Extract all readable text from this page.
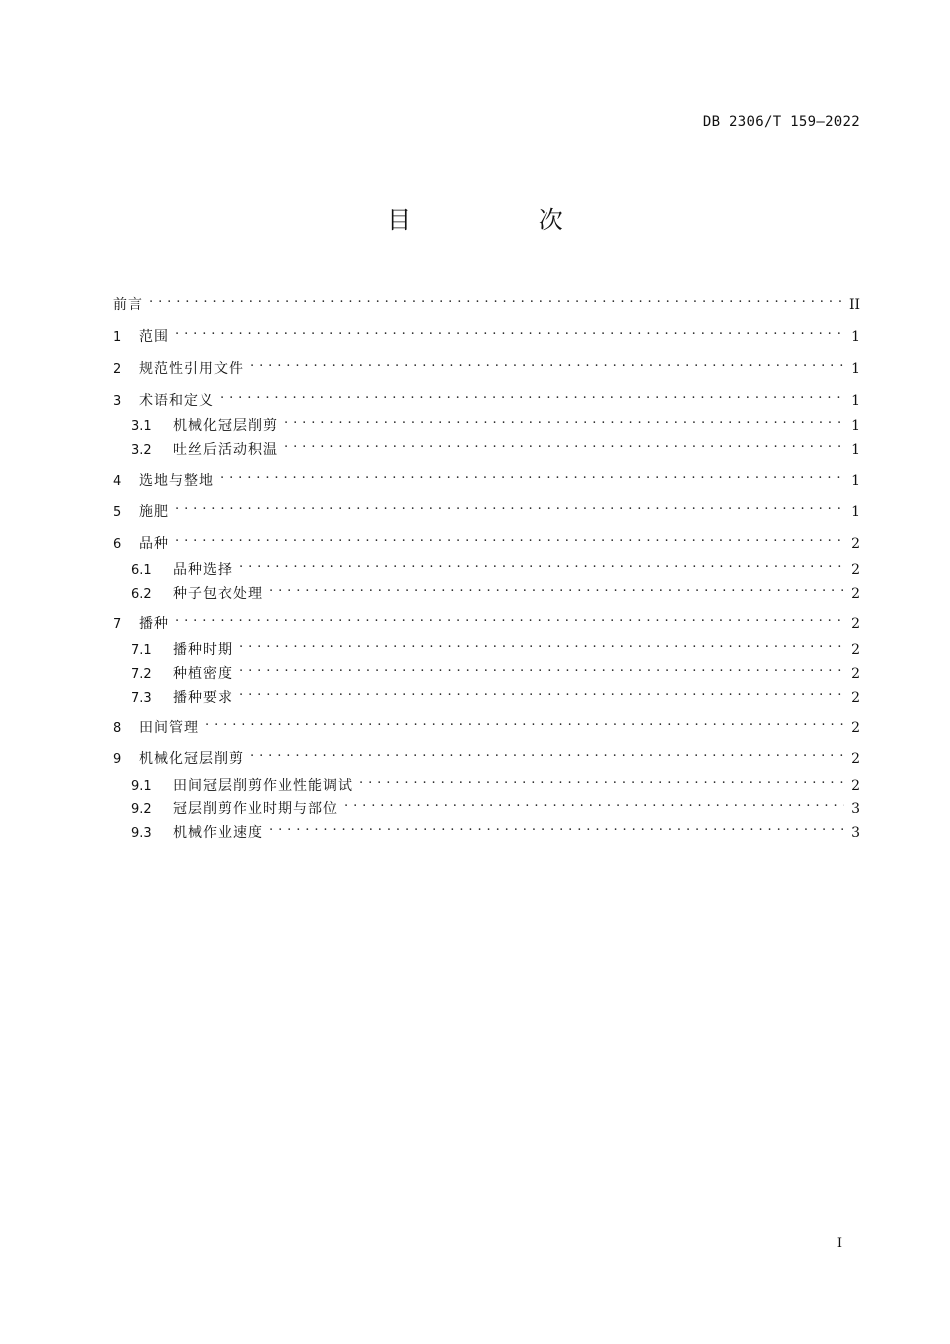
DB 2306/T 159—2022
目 次
前言 . . .	II
1	范围 . . .	1
2	规范性引用文件 . . .	1
3	术语和定义 . . .	1
3.1	机械化冠层削剪 . . .	1
3.2	吐丝后活动积温 . . .	1
4	选地与整地 . . .	1
5	施肥 . . .	1
6	品种 . . .	2
6.1	品种选择 . . .	2
6.2	种子包衣处理 . . .	2
7	播种 . . .	2
7.1	播种时期 . . .	2
7.2	种植密度 . . .	2
7.3	播种要求 . . .	2
8	田间管理 . . .	2
9	机械化冠层削剪 . . .	2
9.1	田间冠层削剪作业性能调试 . . .	2
9.2	冠层削剪作业时期与部位 . . .	3
9.3	机械作业速度 . . .	3
I
